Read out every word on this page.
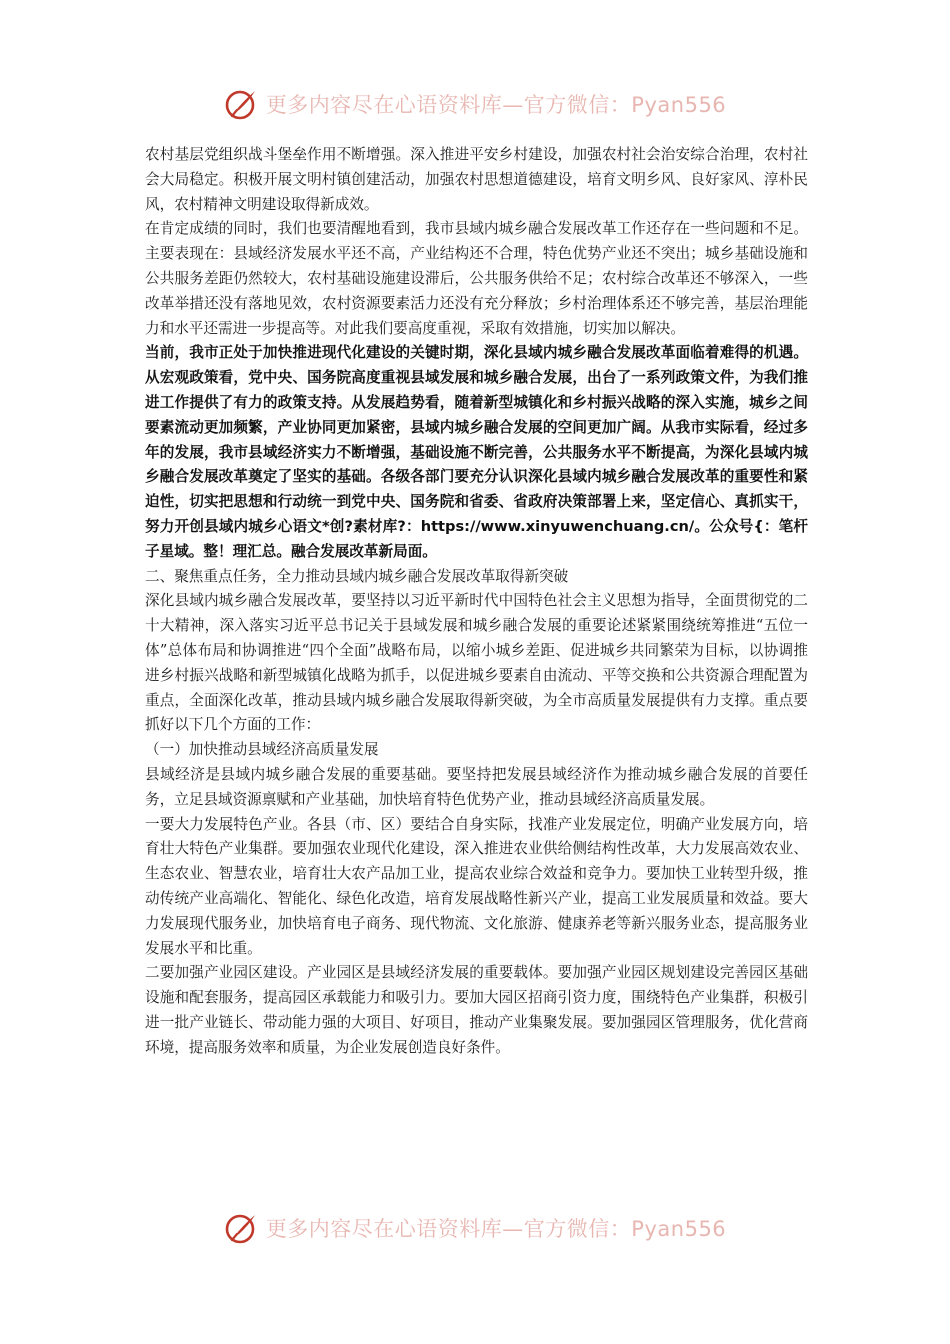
更多内容尽在心语资料库—官方微信：Pyan556

农村基层党组织战斗堡垒作用不断增强。深入推进平安乡村建设，加强农村社会治安综合治理，农村社会大局稳定。积极开展文明村镇创建活动，加强农村思想道德建设，培育文明乡风、良好家风、淳朴民风，农村精神文明建设取得新成效。

在肯定成绩的同时，我们也要清醒地看到，我市县域内城乡融合发展改革工作还存在一些问题和不足。主要表现在：县域经济发展水平还不高，产业结构还不合理，特色优势产业还不突出；城乡基础设施和公共服务差距仍然较大，农村基础设施建设滞后，公共服务供给不足；农村综合改革还不够深入，一些改革举措还没有落地见效，农村资源要素活力还没有充分释放；乡村治理体系还不够完善，基层治理能力和水平还需进一步提高等。对此我们要高度重视，采取有效措施，切实加以解决。

当前，我市正处于加快推进现代化建设的关键时期，深化县域内城乡融合发展改革面临着难得的机遇。从宏观政策看，党中央、国务院高度重视县域发展和城乡融合发展，出台了一系列政策文件，为我们推进工作提供了有力的政策支持。从发展趋势看，随着新型城镇化和乡村振兴战略的深入实施，城乡之间要素流动更加频繁，产业协同更加紧密，县域内城乡融合发展的空间更加广阔。从我市实际看，经过多年的发展，我市县域经济实力不断增强，基础设施不断完善，公共服务水平不断提高，为深化县域内城乡融合发展改革奠定了坚实的基础。各级各部门要充分认识深化县域内城乡融合发展改革的重要性和紧迫性，切实把思想和行动统一到党中央、国务院和省委、省政府决策部署上来，坚定信心、真抓实干，努力开创县域内城乡心语文*创?素材库?：https://www.xinyuwenchuang.cn/。公众号{：笔杆子星域。整！理汇总。融合发展改革新局面。

二、聚焦重点任务，全力推动县域内城乡融合发展改革取得新突破

深化县域内城乡融合发展改革，要坚持以习近平新时代中国特色社会主义思想为指导，全面贯彻党的二十大精神，深入落实习近平总书记关于县域发展和城乡融合发展的重要论述紧紧围绕统筹推进“五位一体”总体布局和协调推进“四个全面”战略布局，以缩小城乡差距、促进城乡共同繁荣为目标，以协调推进乡村振兴战略和新型城镇化战略为抓手，以促进城乡要素自由流动、平等交换和公共资源合理配置为重点，全面深化改革，推动县域内城乡融合发展取得新突破，为全市高质量发展提供有力支撑。重点要抓好以下几个方面的工作：

（一）加快推动县域经济高质量发展

县域经济是县域内城乡融合发展的重要基础。要坚持把发展县域经济作为推动城乡融合发展的首要任务，立足县域资源禀赋和产业基础，加快培育特色优势产业，推动县域经济高质量发展。

一要大力发展特色产业。各县（市、区）要结合自身实际，找准产业发展定位，明确产业发展方向，培育壮大特色产业集群。要加强农业现代化建设，深入推进农业供给侧结构性改革，大力发展高效农业、生态农业、智慧农业，培育壮大农产品加工业，提高农业综合效益和竞争力。要加快工业转型升级，推动传统产业高端化、智能化、绿色化改造，培育发展战略性新兴产业，提高工业发展质量和效益。要大力发展现代服务业，加快培育电子商务、现代物流、文化旅游、健康养老等新兴服务业态，提高服务业发展水平和比重。

二要加强产业园区建设。产业园区是县域经济发展的重要载体。要加强产业园区规划建设完善园区基础设施和配套服务，提高园区承载能力和吸引力。要加大园区招商引资力度，围绕特色产业集群，积极引进一批产业链长、带动能力强的大项目、好项目，推动产业集聚发展。要加强园区管理服务，优化营商环境，提高服务效率和质量，为企业发展创造良好条件。

更多内容尽在心语资料库—官方微信：Pyan556
